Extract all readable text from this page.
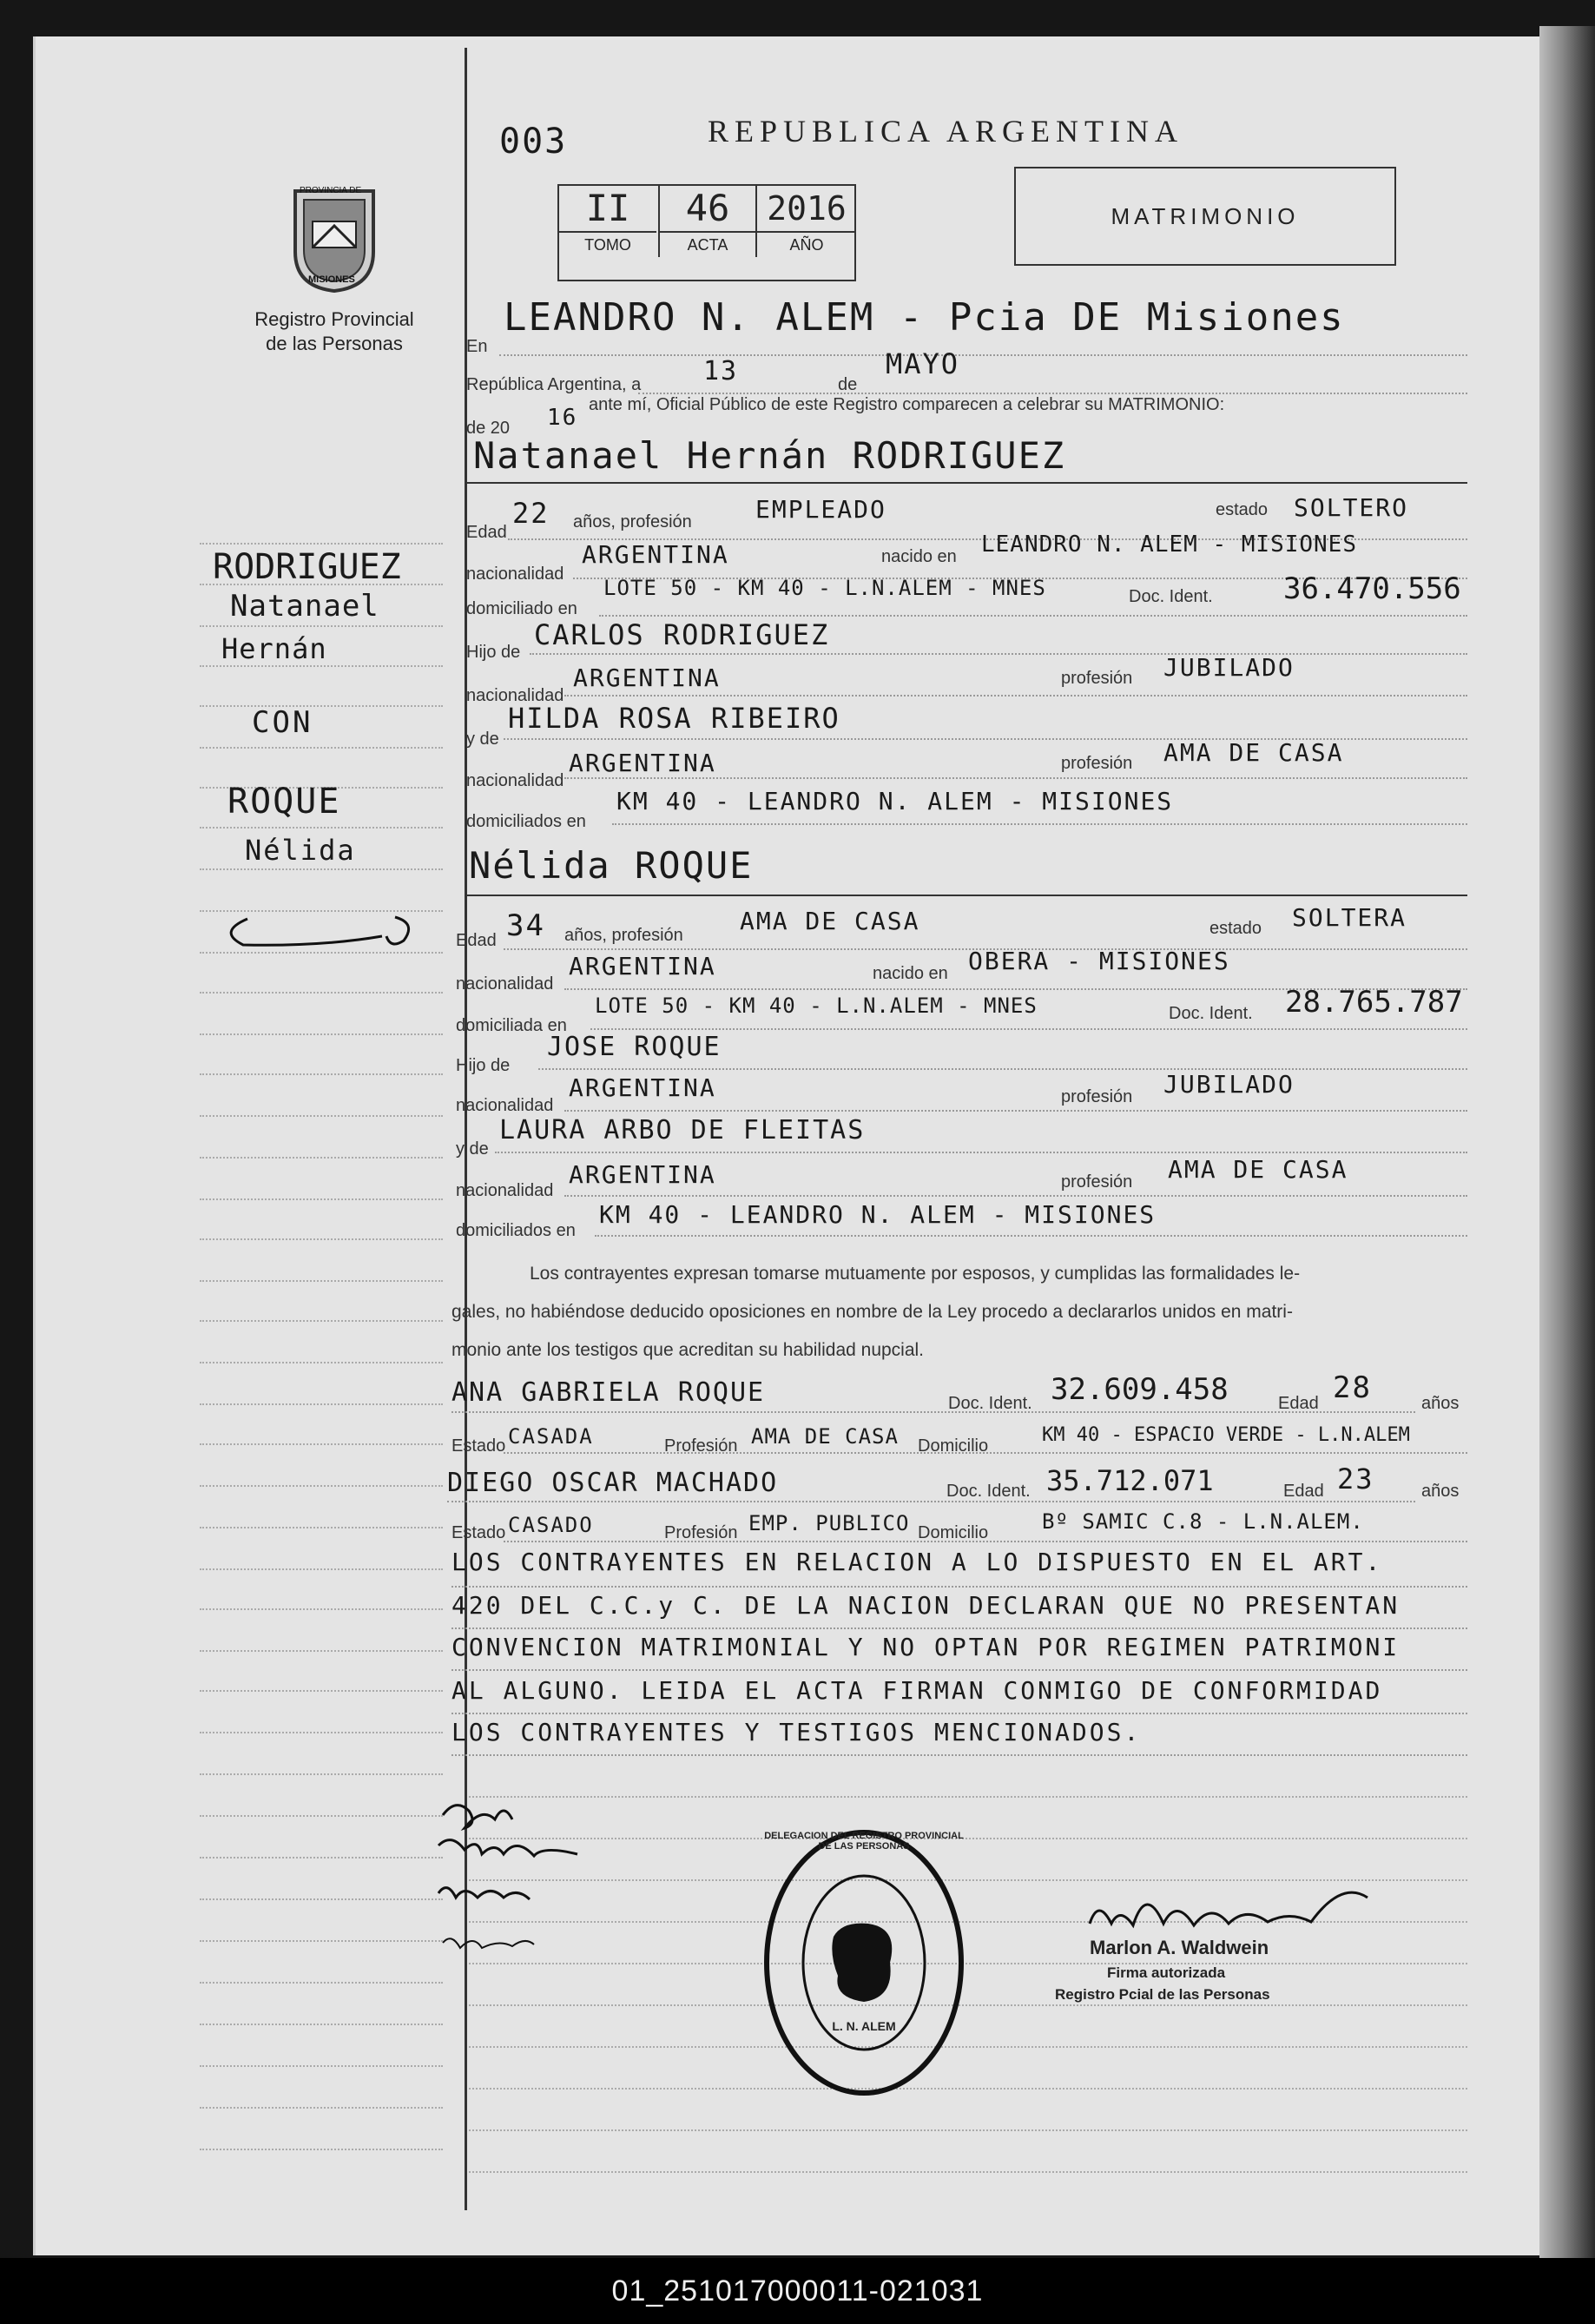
PROVINCIA DE
MISIONES
Registro Provincial
de las Personas
003	REPUBLICA ARGENTINA
II	46	2016
TOMO	ACTA	AÑO
MATRIMONIO
En
LEANDRO N. ALEM - Pcia DE Misiones
República Argentina, a 13	de
MAYO
de 20 16 ante mí, Oficial Público de este Registro comparecen a celebrar su MATRIMONIO:
Natanael Hernán RODRIGUEZ
Edad
22 años, profesión	EMPLEADO	estado SOLTERO
nacionalidad
ARGENTINA	nacido en LEANDRO N. ALEM - MISIONES
domiciliado en
LOTE 50 - KM 40 - L.N.ALEM - MNES	Doc. Ident. 36.470.556
Hijo de
CARLOS RODRIGUEZ
nacionalidad
ARGENTINA	profesión JUBILADO
y de
HILDA ROSA RIBEIRO
nacionalidad
ARGENTINA	profesión AMA DE CASA
domiciliados en
KM 40 - LEANDRO N. ALEM - MISIONES
Nélida ROQUE
Edad 34 años, profesión AMA DE CASA	estado SOLTERA
nacionalidad
ARGENTINA	nacido en OBERA - MISIONES
domiciliada en
LOTE 50 - KM 40 - L.N.ALEM - MNES	Doc. Ident. 28.765.787
Hijo de
JOSE ROQUE
nacionalidad
ARGENTINA	profesión JUBILADO
y de
LAURA ARBO DE FLEITAS
nacionalidad
ARGENTINA	profesión AMA DE CASA
domiciliados en
KM 40 - LEANDRO N. ALEM - MISIONES
Los contrayentes expresan tomarse mutuamente por esposos, y cumplidas las formalidades le-
gales, no habiéndose deducido oposiciones en nombre de la Ley procedo a declararlos unidos en matri-
monio ante los testigos que acreditan su habilidad nupcial.
ANA GABRIELA ROQUE	Doc. Ident. 32.609.458	Edad 28	años
Estado CASADA	Profesión AMA DE CASA Domicilio	KM 40 - ESPACIO VERDE - L.N.ALEM
DIEGO OSCAR MACHADO	Doc. Ident. 35.712.071	Edad 23	años
Estado CASADO	Profesión EMP. PUBLICO Domicilio	Bº SAMIC C.8 - L.N.ALEM.
LOS CONTRAYENTES EN RELACION A LO DISPUESTO EN EL ART.
420 DEL C.C.y C. DE LA NACION DECLARAN QUE NO PRESENTAN
CONVENCION MATRIMONIAL Y NO OPTAN POR REGIMEN PATRIMONI
AL ALGUNO. LEIDA EL ACTA FIRMAN CONMIGO DE CONFORMIDAD
LOS CONTRAYENTES Y TESTIGOS MENCIONADOS.
DELEGACION DEL REGISTRO PROVINCIAL DE LAS PERSONAS
L. N. ALEM
Marlon A. Waldwein
Firma autorizada
Registro Pcial de las Personas
RODRIGUEZ
Natanael
Hernán
CON
ROQUE
Nélida
01_251017000011-021031
